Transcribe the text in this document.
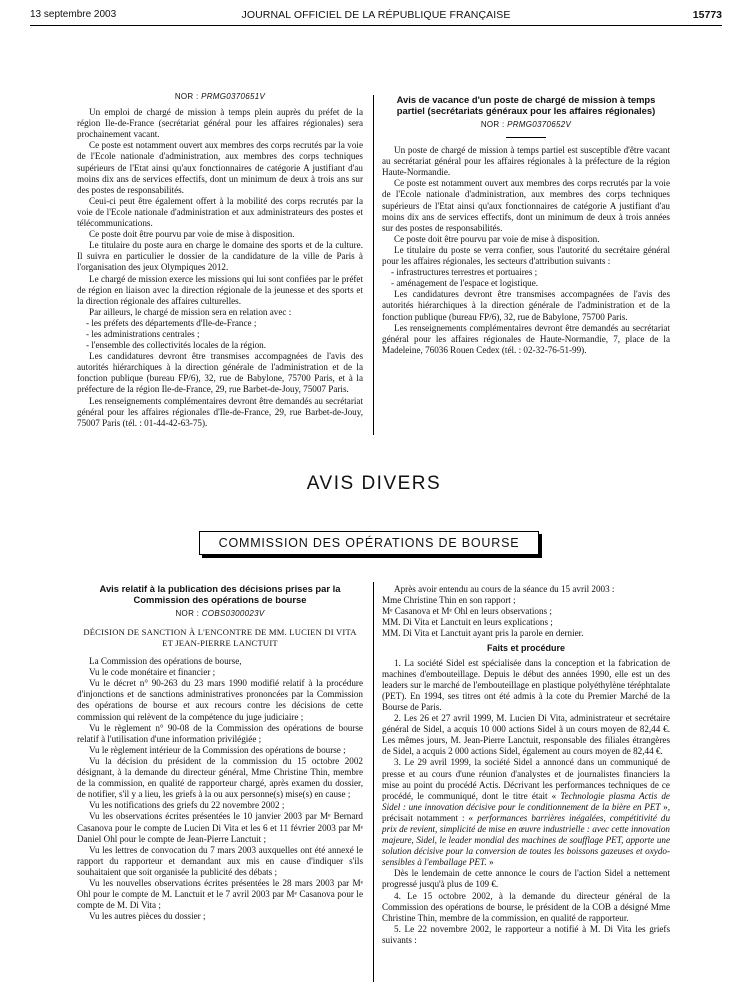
13 septembre 2003	JOURNAL OFFICIEL DE LA RÉPUBLIQUE FRANÇAISE	15773
NOR : PRMG0370651V

Un emploi de chargé de mission à temps plein auprès du préfet de la région Ile-de-France (secrétariat général pour les affaires régionales) sera prochainement vacant.

Ce poste est notamment ouvert aux membres des corps recrutés par la voie de l'Ecole nationale d'administration, aux membres des corps techniques supérieurs de l'Etat ainsi qu'aux fonctionnaires de catégorie A justifiant d'au moins dix ans de services effectifs, dont un minimum de deux à trois ans sur des postes de responsabilités.

Ceui-ci peut être également offert à la mobilité des corps recrutés par la voie de l'Ecole nationale d'administration et aux administrateurs des postes et télécommunications.

Ce poste doit être pourvu par voie de mise à disposition.

Le titulaire du poste aura en charge le domaine des sports et de la culture. Il suivra en particulier le dossier de la candidature de la ville de Paris à l'organisation des jeux Olympiques 2012.

Le chargé de mission exerce les missions qui lui sont confiées par le préfet de région en liaison avec la direction régionale de la jeunesse et des sports et la direction régionale des affaires culturelles.

Par ailleurs, le chargé de mission sera en relation avec :

- les préfets des départements d'Ile-de-France ;
- les administrations centrales ;
- l'ensemble des collectivités locales de la région.

Les candidatures devront être transmises accompagnées de l'avis des autorités hiérarchiques à la direction générale de l'administration et de la fonction publique (bureau FP/6), 32, rue de Babylone, 75700 Paris, et à la préfecture de la région Ile-de-France, 29, rue Barbet-de-Jouy, 75007 Paris.

Les renseignements complémentaires devront être demandés au secrétariat général pour les affaires régionales d'Ile-de-France, 29, rue Barbet-de-Jouy, 75007 Paris (tél. : 01-44-42-63-75).

Avis de vacance d'un poste de chargé de mission à temps partiel (secrétariats généraux pour les affaires régionales)
NOR : PRMG0370652V

Un poste de chargé de mission à temps partiel est susceptible d'être vacant au secrétariat général pour les affaires régionales à la préfecture de la région Haute-Normandie.

Ce poste est notamment ouvert aux membres des corps recrutés par la voie de l'Ecole nationale d'administration, aux membres des corps techniques supérieurs de l'Etat ainsi qu'aux fonctionnaires de catégorie A justifiant d'au moins dix ans de services effectifs, dont un minimum de deux à trois années sur des postes de responsabilités.

Ce poste doit être pourvu par voie de mise à disposition.

Le titulaire du poste se verra confier, sous l'autorité du secrétaire général pour les affaires régionales, les secteurs d'attribution suivants :

- infrastructures terrestres et portuaires ;
- aménagement de l'espace et logistique.

Les candidatures devront être transmises accompagnées de l'avis des autorités hiérarchiques à la direction générale de l'administration et de la fonction publique (bureau FP/6), 32, rue de Babylone, 75700 Paris.

Les renseignements complémentaires devront être demandés au secrétariat général pour les affaires régionales de Haute-Normandie, 7, place de la Madeleine, 76036 Rouen Cedex (tél. : 02-32-76-51-99).

AVIS DIVERS
COMMISSION DES OPÉRATIONS DE BOURSE
Avis relatif à la publication des décisions prises par la Commission des opérations de bourse
NOR : COBS0300023V
DÉCISION DE SANCTION À L'ENCONTRE DE MM. LUCIEN DI VITA ET JEAN-PIERRE LANCTUIT

La Commission des opérations de bourse,

Vu le code monétaire et financier ;

Vu le décret n° 90-263 du 23 mars 1990 modifié relatif à la procédure d'injonctions et de sanctions administratives prononcées par la Commission des opérations de bourse et aux recours contre les décisions de cette commission qui relèvent de la compétence du juge judiciaire ;

Vu le règlement n° 90-08 de la Commission des opérations de bourse relatif à l'utilisation d'une information privilégiée ;

Vu le règlement intérieur de la Commission des opérations de bourse ;

Vu la décision du président de la commission du 15 octobre 2002 désignant, à la demande du directeur général, Mme Christine Thin, membre de la commission, en qualité de rapporteur chargé, après examen du dossier, de notifier, s'il y a lieu, les griefs à la ou aux personne(s) mise(s) en cause ;

Vu les notifications des griefs du 22 novembre 2002 ;

Vu les observations écrites présentées le 10 janvier 2003 par Mᵉ Bernard Casanova pour le compte de Lucien Di Vita et les 6 et 11 février 2003 par Mᵉ Daniel Ohl pour le compte de Jean-Pierre Lanctuit ;

Vu les lettres de convocation du 7 mars 2003 auxquelles ont été annexé le rapport du rapporteur et demandant aux mis en cause d'indiquer s'ils souhaitaient que soit organisée la publicité des débats ;

Vu les nouvelles observations écrites présentées le 28 mars 2003 par Mᵉ Ohl pour le compte de M. Lanctuit et le 7 avril 2003 par Mᵉ Casanova pour le compte de M. Di Vita ;

Vu les autres pièces du dossier ;

Après avoir entendu au cours de la séance du 15 avril 2003 :

Mme Christine Thin en son rapport ;

Mᵉ Casanova et Mᵉ Ohl en leurs observations ;

MM. Di Vita et Lanctuit en leurs explications ;

MM. Di Vita et Lanctuit ayant pris la parole en dernier.

Faits et procédure

1. La société Sidel est spécialisée dans la conception et la fabrication de machines d'embouteillage. Depuis le début des années 1990, elle est un des leaders sur le marché de l'embouteillage en plastique polyéthylène téréphtalate (PET). En 1994, ses titres ont été admis à la cote du Premier Marché de la Bourse de Paris.

2. Les 26 et 27 avril 1999, M. Lucien Di Vita, administrateur et secrétaire général de Sidel, a acquis 10 000 actions Sidel à un cours moyen de 82,44 €. Les mêmes jours, M. Jean-Pierre Lanctuit, responsable des filiales étrangères de Sidel, a acquis 2 000 actions Sidel, également au cours moyen de 82,44 €.

3. Le 29 avril 1999, la société Sidel a annoncé dans un communiqué de presse et au cours d'une réunion d'analystes et de journalistes financiers la mise au point du procédé Actis. Décrivant les performances techniques de ce procédé, le communiqué, dont le titre était « Technologie plasma Actis de Sidel : une innovation décisive pour le conditionnement de la bière en PET », précisait notamment : « performances barrières inégalées, compétitivité du prix de revient, simplicité de mise en œuvre industrielle : avec cette innovation majeure, Sidel, le leader mondial des machines de soufflage PET, apporte une solution décisive pour la conversion de toutes les boissons gazeuses et oxydo-sensibles à l'emballage PET. »

Dès le lendemain de cette annonce le cours de l'action Sidel a nettement progressé jusqu'à plus de 109 €.

4. Le 15 octobre 2002, à la demande du directeur général de la Commission des opérations de bourse, le président de la COB a désigné Mme Christine Thin, membre de la commission, en qualité de rapporteur.

5. Le 22 novembre 2002, le rapporteur a notifié à M. Di Vita les griefs suivants :
